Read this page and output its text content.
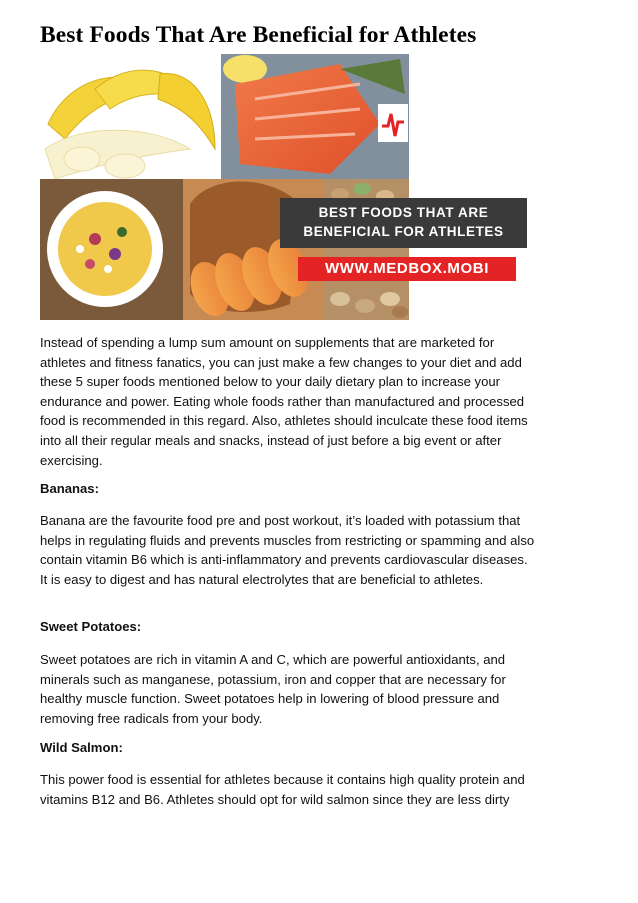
Best Foods That Are Beneficial for Athletes
BEST FOODS THAT ARE
BENEFICIAL FOR ATHLETES
WWW.MEDBOX.MOBI

Instead of spending a lump sum amount on supplements that are marketed for
athletes and fitness fanatics, you can just make a few changes to your diet and add
these 5 super foods mentioned below to your daily dietary plan to increase your
endurance and power. Eating whole foods rather than manufactured and processed
food is recommended in this regard. Also, athletes should inculcate these food items
into all their regular meals and snacks, instead of just before a big event or after
exercising.

Bananas:

Banana are the favourite food pre and post workout, it’s loaded with potassium that
helps in regulating fluids and prevents muscles from restricting or spamming and also
contain vitamin B6 which is anti-inflammatory and prevents cardiovascular diseases.
It is easy to digest and has natural electrolytes that are beneficial to athletes.

Sweet Potatoes:

Sweet potatoes are rich in vitamin A and C, which are powerful antioxidants, and
minerals such as manganese, potassium, iron and copper that are necessary for
healthy muscle function. Sweet potatoes help in lowering of blood pressure and
removing free radicals from your body.

Wild Salmon:

This power food is essential for athletes because it contains high quality protein and
vitamins B12 and B6. Athletes should opt for wild salmon since they are less dirty
